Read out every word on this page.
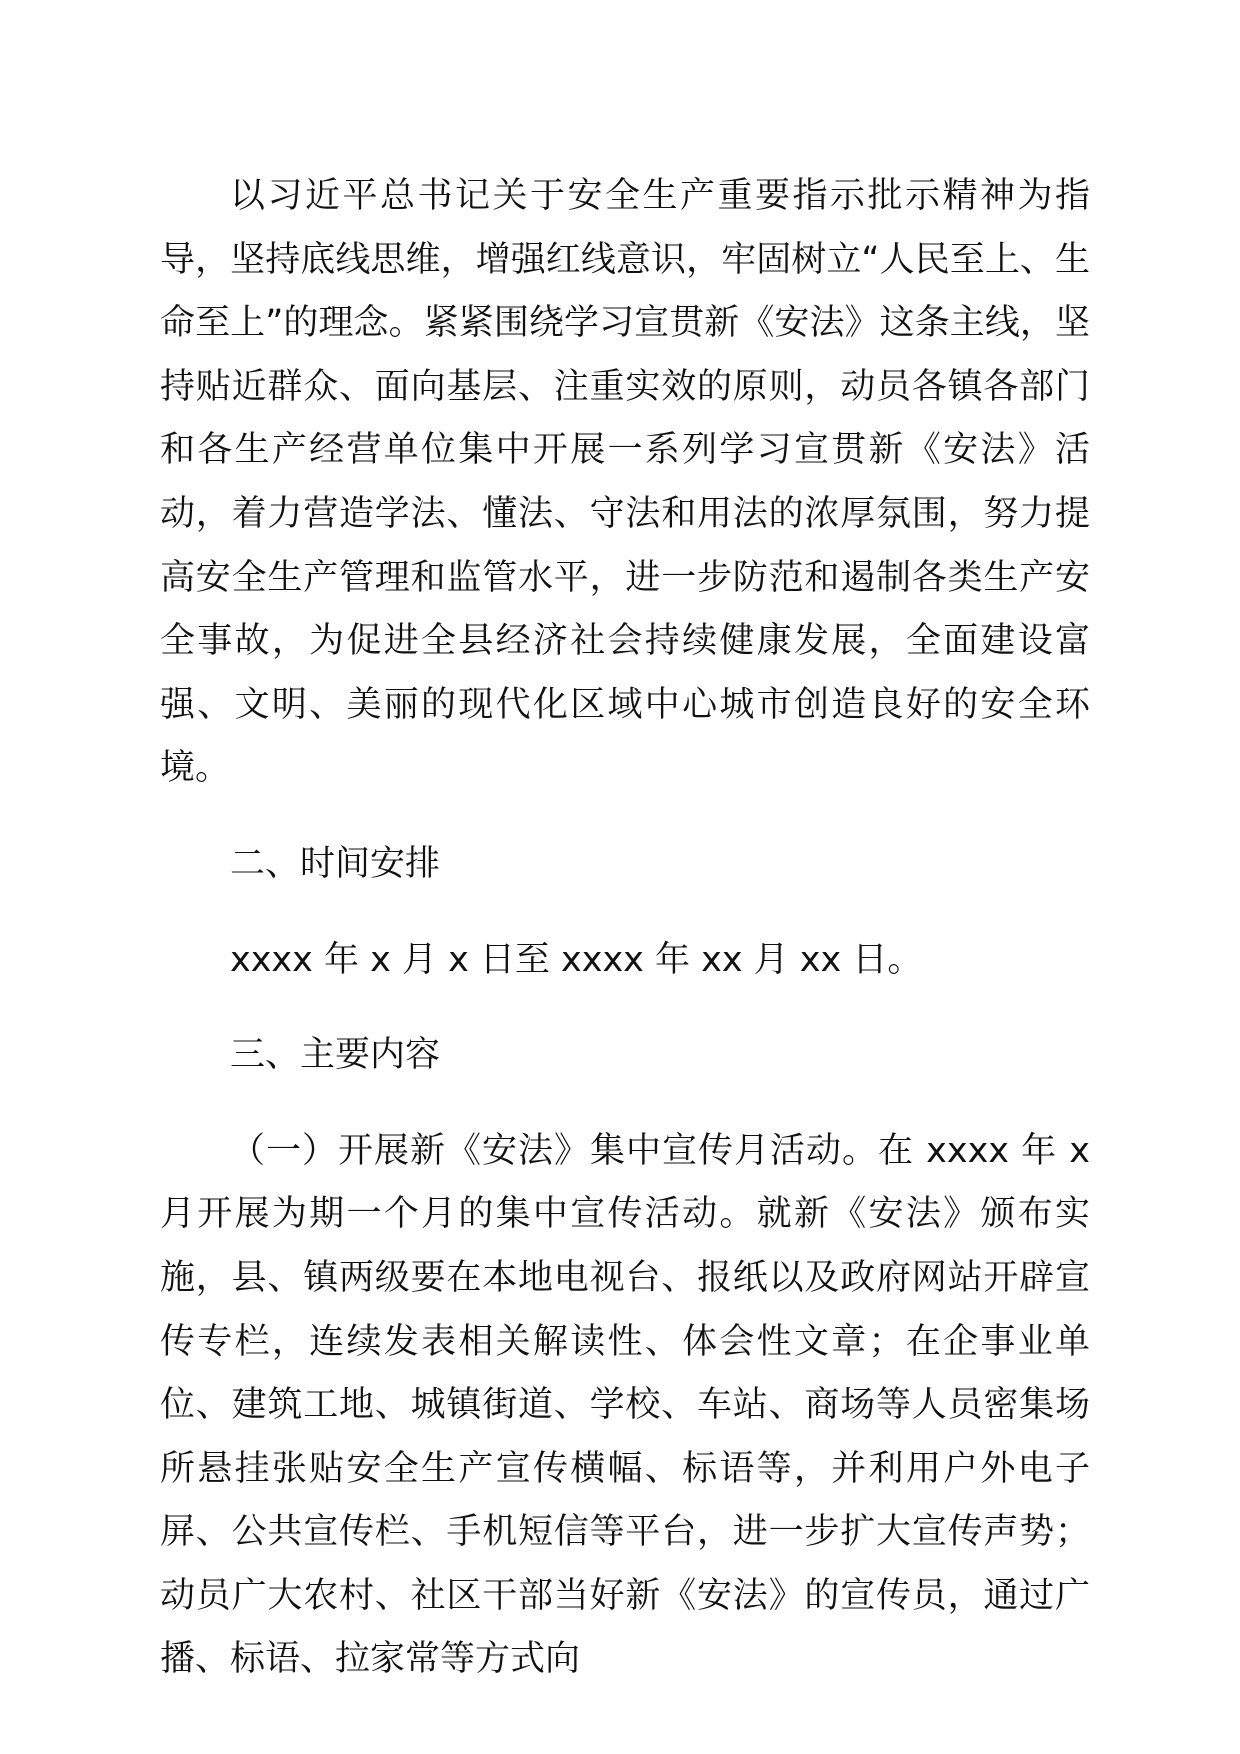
以习近平总书记关于安全生产重要指示批示精神为指导，坚持底线思维，增强红线意识，牢固树立“人民至上、生命至上”的理念。紧紧围绕学习宣贯新《安法》这条主线，坚持贴近群众、面向基层、注重实效的原则，动员各镇各部门和各生产经营单位集中开展一系列学习宣贯新《安法》活动，着力营造学法、懂法、守法和用法的浓厚氛围，努力提高安全生产管理和监管水平，进一步防范和遏制各类生产安全事故，为促进全县经济社会持续健康发展，全面建设富强、文明、美丽的现代化区域中心城市创造良好的安全环境。

二、时间安排

xxxx 年 x 月 x 日至 xxxx 年 xx 月 xx 日。

三、主要内容

（一）开展新《安法》集中宣传月活动。在 xxxx 年 x 月开展为期一个月的集中宣传活动。就新《安法》颁布实施，县、镇两级要在本地电视台、报纸以及政府网站开辟宣传专栏，连续发表相关解读性、体会性文章；在企事业单位、建筑工地、城镇街道、学校、车站、商场等人员密集场所悬挂张贴安全生产宣传横幅、标语等，并利用户外电子屏、公共宣传栏、手机短信等平台，进一步扩大宣传声势；动员广大农村、社区干部当好新《安法》的宣传员，通过广播、标语、拉家常等方式向
